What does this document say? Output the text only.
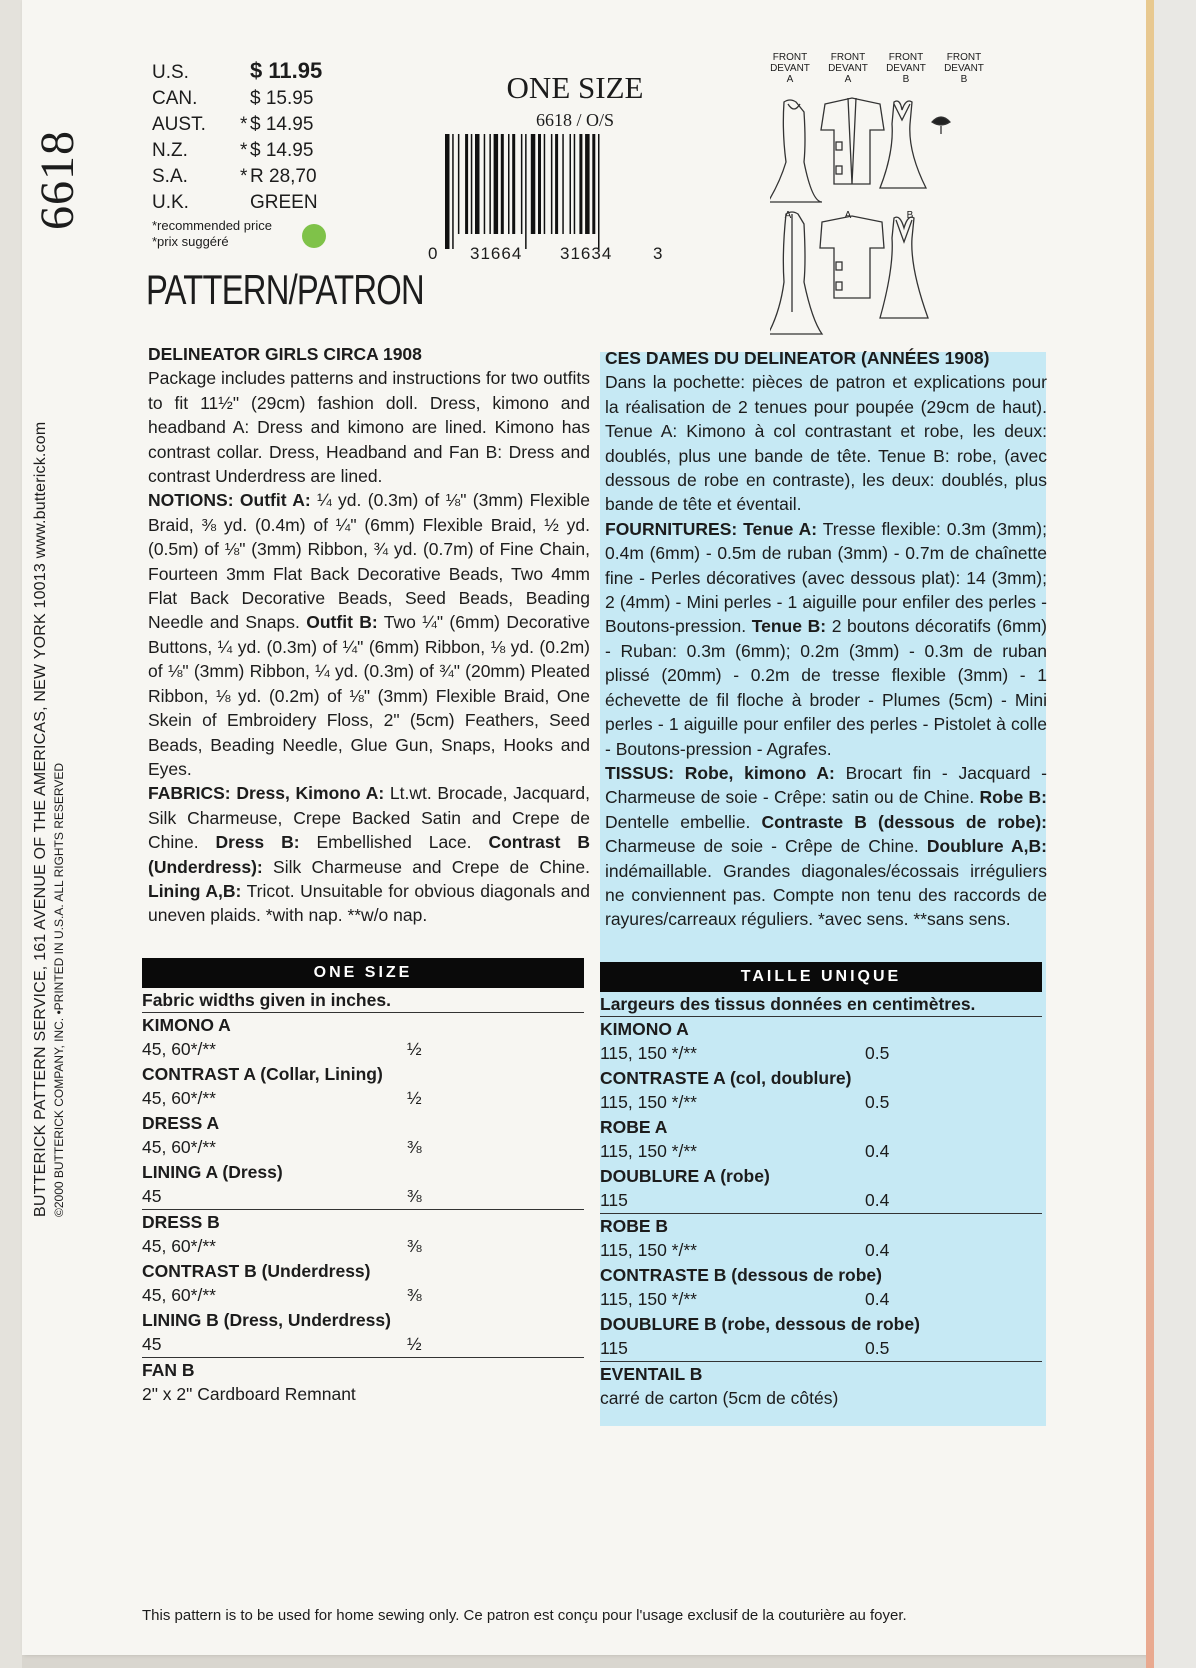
BUTTERICK PATTERN SERVICE, 161 AVENUE OF THE AMERICAS, NEW YORK 10013 www.butterick.com ©2000 BUTTERICK COMPANY, INC. •PRINTED IN U.S.A. ALL RIGHTS RESERVED
6618
U.S.	$ 11.95
CAN.	$ 15.95
AUST.	* $ 14.95
N.Z.	* $ 14.95
S.A.	* R 28,70
U.K.	GREEN
*recommended price
*prix suggéré
PATTERN/PATRON
ONE SIZE
6618 / O/S
0 31664 31634 3
FRONT
DEVANT
A
FRONT
DEVANT
A
FRONT
DEVANT
B
FRONT
DEVANT
B
A	A	B
DELINEATOR GIRLS CIRCA 1908

Package includes patterns and instructions for two outfits to fit 11½" (29cm) fashion doll. Dress, kimono and headband A: Dress and kimono are lined. Kimono has contrast collar. Dress, Headband and Fan B: Dress and contrast Underdress are lined.

NOTIONS: Outfit A: ¼ yd. (0.3m) of ⅛" (3mm) Flexible Braid, ⅜ yd. (0.4m) of ¼" (6mm) Flexible Braid, ½ yd. (0.5m) of ⅛" (3mm) Ribbon, ¾ yd. (0.7m) of Fine Chain, Fourteen 3mm Flat Back Decorative Beads, Two 4mm Flat Back Decorative Beads, Seed Beads, Beading Needle and Snaps. Outfit B: Two ¼" (6mm) Decorative Buttons, ¼ yd. (0.3m) of ¼" (6mm) Ribbon, ⅛ yd. (0.2m) of ⅛" (3mm) Ribbon, ¼ yd. (0.3m) of ¾" (20mm) Pleated Ribbon, ⅛ yd. (0.2m) of ⅛" (3mm) Flexible Braid, One Skein of Embroidery Floss, 2" (5cm) Feathers, Seed Beads, Beading Needle, Glue Gun, Snaps, Hooks and Eyes.

FABRICS: Dress, Kimono A: Lt.wt. Brocade, Jacquard, Silk Charmeuse, Crepe Backed Satin and Crepe de Chine. Dress B: Embellished Lace. Contrast B (Underdress): Silk Charmeuse and Crepe de Chine. Lining A,B: Tricot. Unsuitable for obvious diagonals and uneven plaids. *with nap. **w/o nap.

CES DAMES DU DELINEATOR (ANNÉES 1908)

Dans la pochette: pièces de patron et explications pour la réalisation de 2 tenues pour poupée (29cm de haut). Tenue A: Kimono à col contrastant et robe, les deux: doublés, plus une bande de tête. Tenue B: robe, (avec dessous de robe en contraste), les deux: doublés, plus bande de tête et éventail.

FOURNITURES: Tenue A: Tresse flexible: 0.3m (3mm); 0.4m (6mm) - 0.5m de ruban (3mm) - 0.7m de chaînette fine - Perles décoratives (avec dessous plat): 14 (3mm); 2 (4mm) - Mini perles - 1 aiguille pour enfiler des perles - Boutons-pression. Tenue B: 2 boutons décoratifs (6mm) - Ruban: 0.3m (6mm); 0.2m (3mm) - 0.3m de ruban plissé (20mm) - 0.2m de tresse flexible (3mm) - 1 échevette de fil floche à broder - Plumes (5cm) - Mini perles - 1 aiguille pour enfiler des perles - Pistolet à colle - Boutons-pression - Agrafes.

TISSUS: Robe, kimono A: Brocart fin - Jacquard - Charmeuse de soie - Crêpe: satin ou de Chine. Robe B: Dentelle embellie. Contraste B (dessous de robe): Charmeuse de soie - Crêpe de Chine. Doublure A,B: indémaillable. Grandes diagonales/écossais irréguliers ne conviennent pas. Compte non tenu des raccords de rayures/carreaux réguliers. *avec sens. **sans sens.

ONE SIZE
Fabric widths given in inches.
KIMONO A
45, 60*/**	½
CONTRAST A (Collar, Lining)
45, 60*/**	½
DRESS A
45, 60*/**	⅜
LINING A (Dress)
45	⅜
DRESS B
45, 60*/**	⅜
CONTRAST B (Underdress)
45, 60*/**	⅜
LINING B (Dress, Underdress)
45	½
FAN B
2" x 2" Cardboard Remnant
TAILLE UNIQUE
Largeurs des tissus données en centimètres.
KIMONO A
115, 150 */**	0.5
CONTRASTE A (col, doublure)
115, 150 */**	0.5
ROBE A
115, 150 */**	0.4
DOUBLURE A (robe)
115	0.4
ROBE B
115, 150 */**	0.4
CONTRASTE B (dessous de robe)
115, 150 */**	0.4
DOUBLURE B (robe, dessous de robe)
115	0.5
EVENTAIL B
carré de carton (5cm de côtés)
This pattern is to be used for home sewing only. Ce patron est conçu pour l'usage exclusif de la couturière au foyer.
